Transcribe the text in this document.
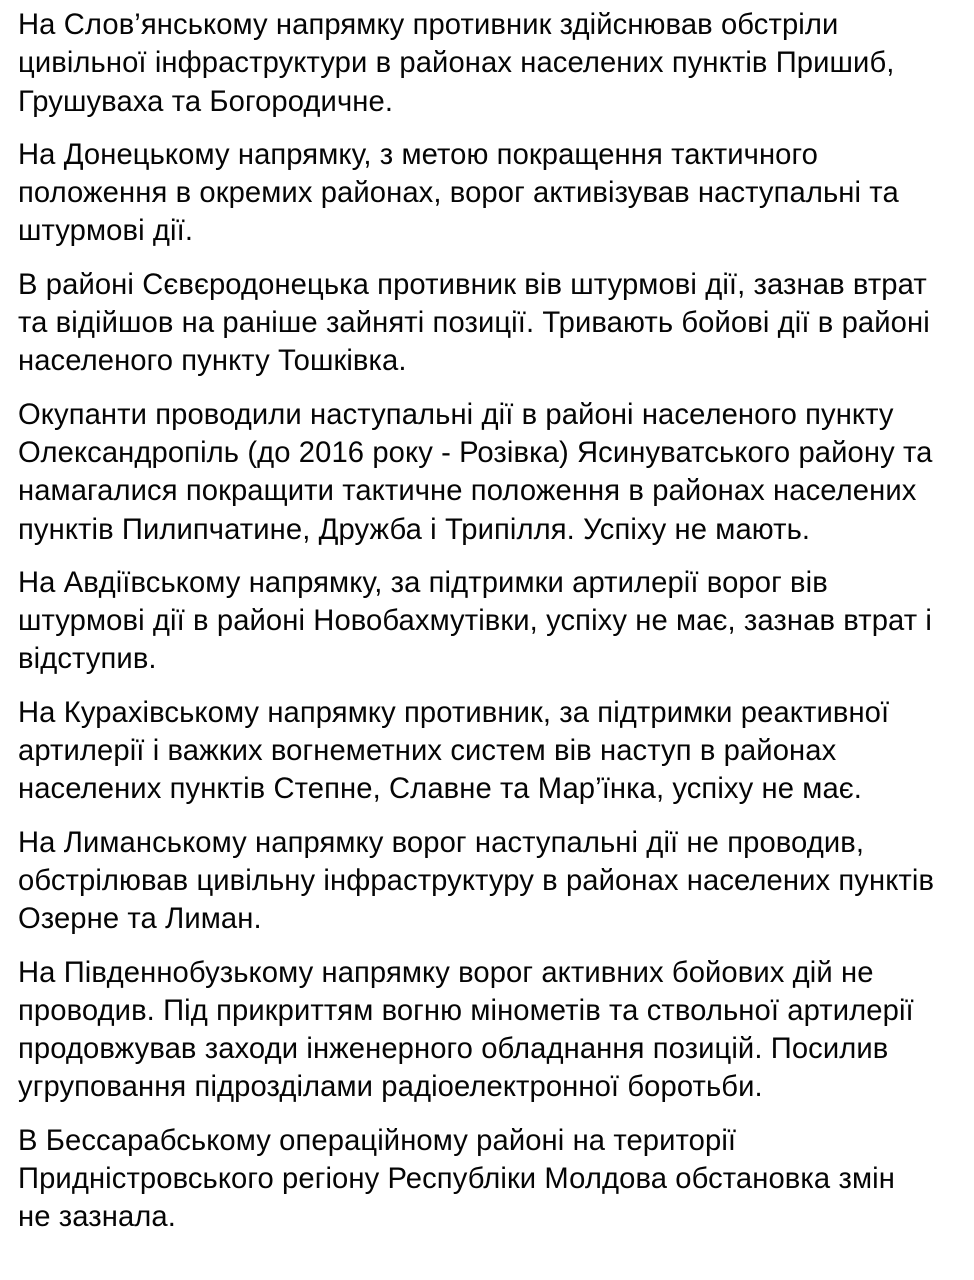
На Слов’янському напрямку противник здійснював обстріли
цивільної інфраструктури в районах населених пунктів Пришиб,
Грушуваха та Богородичне.

На Донецькому напрямку, з метою покращення тактичного
положення в окремих районах, ворог активізував наступальні та
штурмові дії.

В районі Сєвєродонецька противник вів штурмові дії, зазнав втрат
та відійшов на раніше зайняті позиції. Тривають бойові дії в районі
населеного пункту Тошківка.

Окупанти проводили наступальні дії в районі населеного пункту
Олександропіль (до 2016 року - Розівка) Ясинуватського району та
намагалися покращити тактичне положення в районах населених
пунктів Пилипчатине, Дружба і Трипілля. Успіху не мають.

На Авдіївському напрямку, за підтримки артилерії ворог вів
штурмові дії в районі Новобахмутівки, успіху не має, зазнав втрат і
відступив.

На Курахівському напрямку противник, за підтримки реактивної
артилерії і важких вогнеметних систем вів наступ в районах
населених пунктів Степне, Славне та Мар’їнка, успіху не має.

На Лиманському напрямку ворог наступальні дії не проводив,
обстрілював цивільну інфраструктуру в районах населених пунктів
Озерне та Лиман.

На Південнобузькому напрямку ворог активних бойових дій не
проводив. Під прикриттям вогню мінометів та ствольної артилерії
продовжував заходи інженерного обладнання позицій. Посилив
угруповання підрозділами радіоелектронної боротьби.

В Бессарабському операційному районі на території
Придністровського регіону Республіки Молдова обстановка змін
не зазнала.
